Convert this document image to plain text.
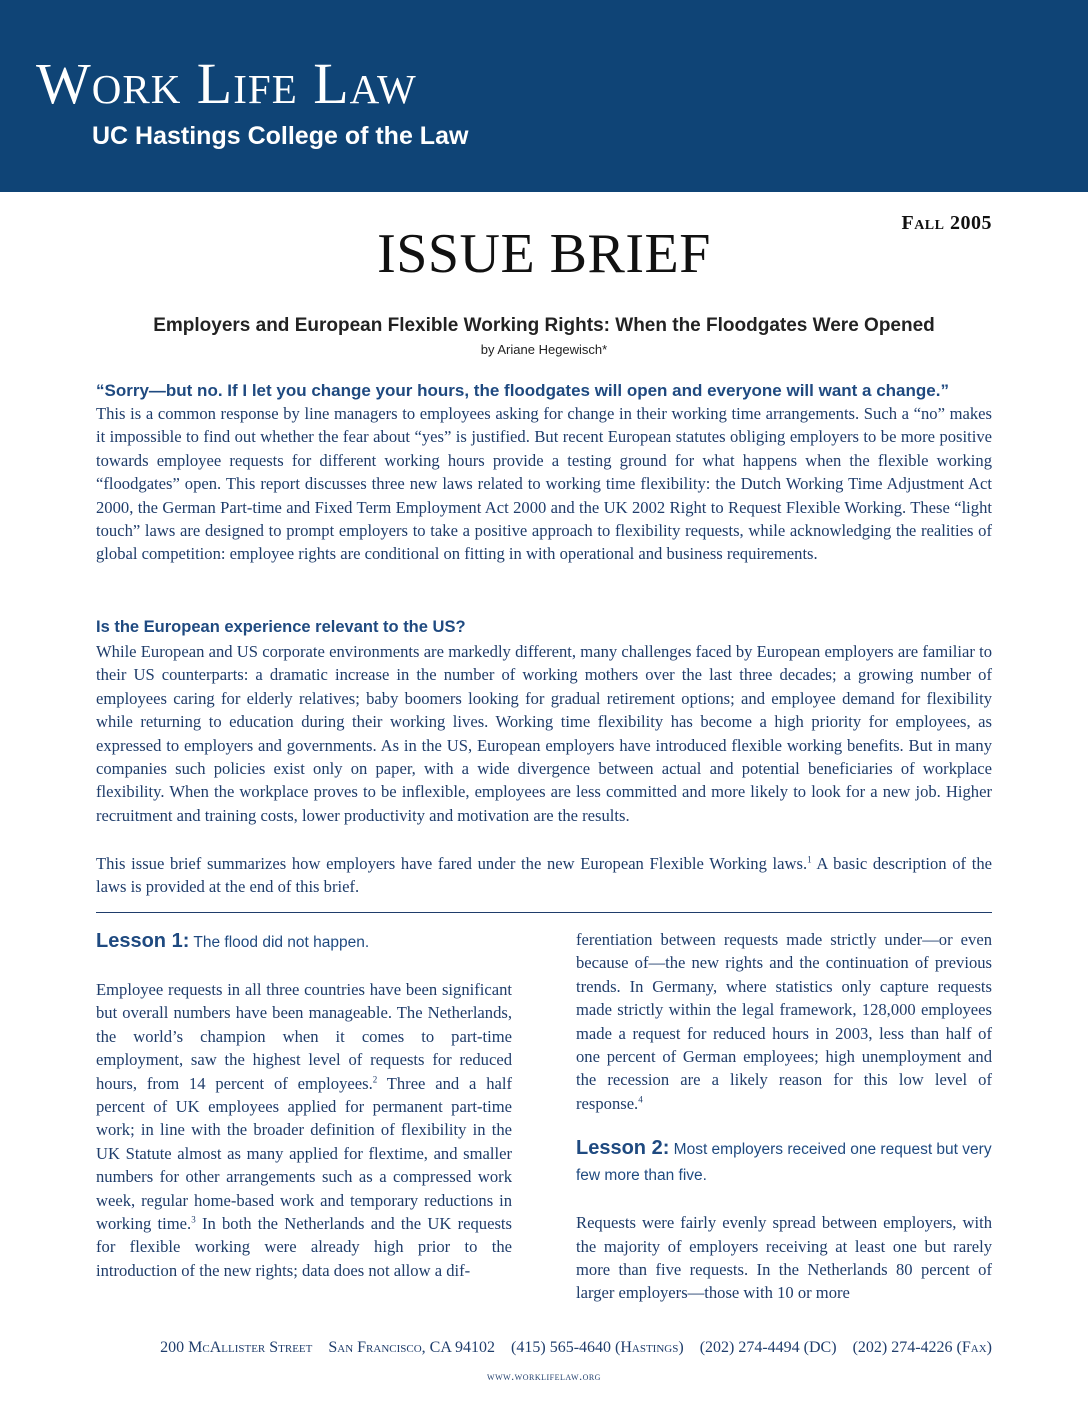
Work Life Law
UC Hastings College of the Law
Fall 2005
ISSUE BRIEF
Employers and European Flexible Working Rights: When the Floodgates Were Opened
by Ariane Hegewisch*
“Sorry—but no. If I let you change your hours, the floodgates will open and everyone will want a change.”

This is a common response by line managers to employees asking for change in their working time arrangements. Such a “no” makes it impossible to find out whether the fear about “yes” is justified. But recent European statutes obliging employers to be more positive towards employee requests for different working hours provide a testing ground for what happens when the flexible working “floodgates” open. This report discusses three new laws related to working time flexibility: the Dutch Working Time Adjustment Act 2000, the German Part-time and Fixed Term Employment Act 2000 and the UK 2002 Right to Request Flexible Working. These “light touch” laws are designed to prompt employers to take a positive approach to flexibility requests, while acknowledging the realities of global competition: employee rights are conditional on fitting in with operational and business requirements.

Is the European experience relevant to the US?

While European and US corporate environments are markedly different, many challenges faced by European employers are familiar to their US counterparts: a dramatic increase in the number of working mothers over the last three decades; a growing number of employees caring for elderly relatives; baby boomers looking for gradual retirement options; and employee demand for flexibility while returning to education during their working lives. Working time flexibility has become a high priority for employees, as expressed to employers and governments. As in the US, European employers have introduced flexible working benefits. But in many companies such policies exist only on paper, with a wide divergence between actual and potential beneficiaries of workplace flexibility. When the workplace proves to be inflexible, employees are less committed and more likely to look for a new job. Higher recruitment and training costs, lower productivity and motivation are the results.

This issue brief summarizes how employers have fared under the new European Flexible Working laws.$^1$ A basic description of the laws is provided at the end of this brief.

Lesson 1: The flood did not happen.

Employee requests in all three countries have been significant but overall numbers have been manageable. The Netherlands, the world’s champion when it comes to part-time employment, saw the highest level of requests for reduced hours, from 14 percent of employees.$^2$ Three and a half percent of UK employees applied for permanent part-time work; in line with the broader definition of flexibility in the UK Statute almost as many applied for flextime, and smaller numbers for other arrangements such as a compressed work week, regular home-based work and temporary reductions in working time.$^3$ In both the Netherlands and the UK requests for flexible working were already high prior to the introduction of the new rights; data does not allow a dif-

ferentiation between requests made strictly under—or even because of—the new rights and the continuation of previous trends. In Germany, where statistics only capture requests made strictly within the legal framework, 128,000 employees made a request for reduced hours in 2003, less than half of one percent of German employees; high unemployment and the recession are a likely reason for this low level of response.$^4$

Lesson 2: Most employers received one request but very few more than five.

Requests were fairly evenly spread between employers, with the majority of employers receiving at least one but rarely more than five requests. In the Netherlands 80 percent of larger employers—those with 10 or more

200 McAllister Street San Francisco, CA 94102 (415) 565-4640 (Hastings) (202) 274-4494 (DC) (202) 274-4226 (Fax)
www.worklifelaw.org
